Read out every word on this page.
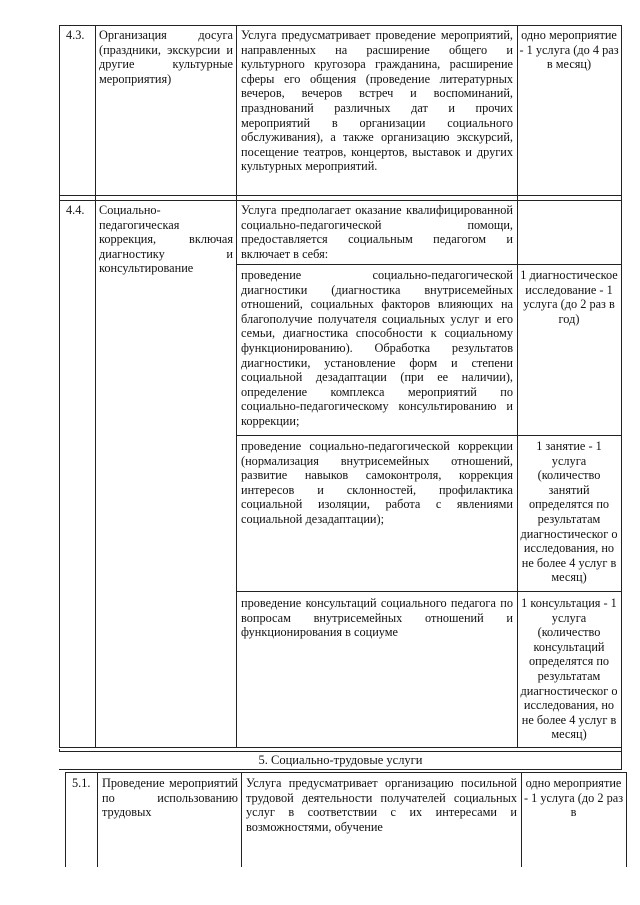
4.3.	Организация досуга (праздники, экскурсии и другие культурные мероприятия)
Услуга предусматривает проведение мероприятий, направленных на расширение общего и культурного кругозора гражданина, расширение сферы его общения (проведение литературных вечеров, вечеров встреч и воспоминаний, празднований различных дат и прочих мероприятий в организации социального обслуживания), а также организацию экскурсий, посещение театров, концертов, выставок и других культурных мероприятий.
одно мероприятие - 1 услуга (до 4 раз в месяц)
4.4.	Социально-педагогическая коррекция, включая диагностику и консультирование
Услуга предполагает оказание квалифицированной социально-педагогической помощи, предоставляется социальным педагогом и включает в себя:
проведение социально-педагогической диагностики (диагностика внутрисемейных отношений, социальных факторов влияющих на благополучие получателя социальных услуг и его семьи, диагностика способности к социальному функционированию). Обработка результатов диагностики, установление форм и степени социальной дезадаптации (при ее наличии), определение комплекса мероприятий по социально-педагогическому консультированию и коррекции;
1 диагностическое исследование - 1 услуга (до 2 раз в год)
проведение социально-педагогической коррекции (нормализация внутрисемейных отношений, развитие навыков самоконтроля, коррекция интересов и склонностей, профилактика социальной изоляции, работа с явлениями социальной дезадаптации);
1 занятие - 1 услуга (количество занятий определятся по результатам диагностическог о исследования, но не более 4 услуг в месяц)
проведение консультаций социального педагога по вопросам внутрисемейных отношений и функционирования в социуме
1 консультация - 1 услуга (количество консультаций определятся по результатам диагностическог о исследования, но не более 4 услуг в месяц)
5. Социально-трудовые услуги
5.1. Проведение мероприятий по использованию трудовых
Услуга предусматривает организацию посильной трудовой деятельности получателей социальных услуг в соответствии с их интересами и возможностями, обучение
одно мероприятие - 1 услуга (до 2 раз в
